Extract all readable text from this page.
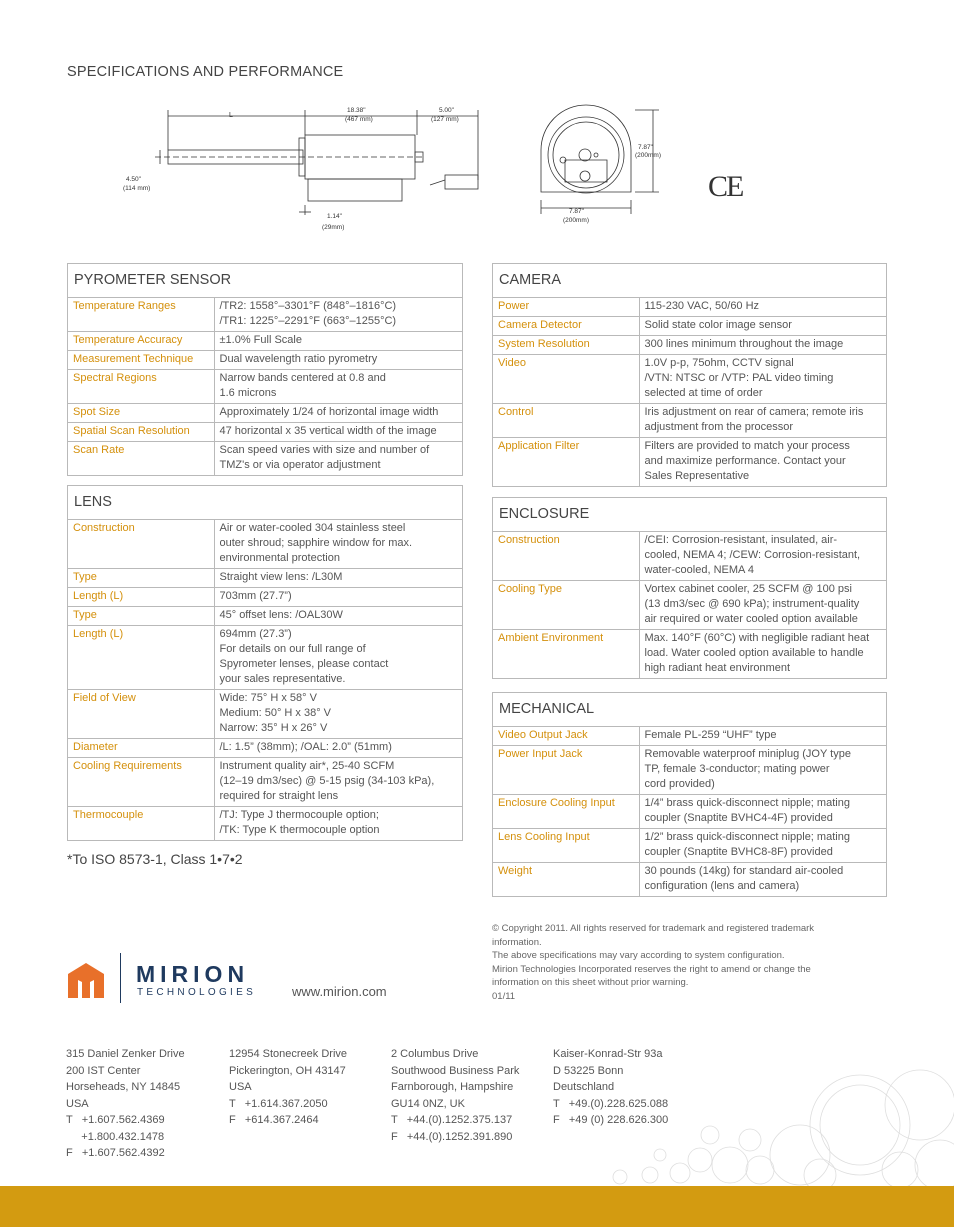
SPECIFICATIONS AND PERFORMANCE
L
18.38"
(467 mm)
5.00"
(127 mm)
4.50"
(114 mm)
1.14"
(29mm)
7.87"
(200mm)
7.87"
(200mm)
CE
PYROMETER SENSOR
Temperature Ranges	/TR2: 1558°–3301°F (848°–1816°C)
/TR1: 1225°–2291°F (663°–1255°C)
Temperature Accuracy	±1.0% Full Scale
Measurement Technique	Dual wavelength ratio pyrometry
Spectral Regions	Narrow bands centered at 0.8 and
1.6 microns
Spot Size	Approximately 1/24 of horizontal image width
Spatial Scan Resolution	47 horizontal x 35 vertical width of the image
Scan Rate	Scan speed varies with size and number of
TMZ's or via operator adjustment
LENS
Construction	Air or water-cooled 304 stainless steel
outer shroud; sapphire window for max.
environmental protection
Type	Straight view lens: /L30M
Length (L)	703mm (27.7”)
Type	45° offset lens: /OAL30W
Length (L)	694mm (27.3”)
For details on our full range of
Spyrometer lenses, please contact
your sales representative.
Field of View	Wide: 75° H x 58° V
Medium: 50° H x 38° V
Narrow: 35° H x 26° V
Diameter	/L: 1.5” (38mm); /OAL: 2.0” (51mm)
Cooling Requirements	Instrument quality air*, 25-40 SCFM
(12–19 dm3/sec) @ 5-15 psig (34-103 kPa),
required for straight lens
Thermocouple	/TJ: Type J thermocouple option;
/TK: Type K thermocouple option
*To ISO 8573-1, Class 1•7•2
CAMERA
Power	115-230 VAC, 50/60 Hz
Camera Detector	Solid state color image sensor
System Resolution	300 lines minimum throughout the image
Video	1.0V p-p, 75ohm, CCTV signal
/VTN: NTSC or /VTP: PAL video timing
selected at time of order
Control	Iris adjustment on rear of camera; remote iris
adjustment from the processor
Application Filter	Filters are provided to match your process
and maximize performance. Contact your
Sales Representative
ENCLOSURE
Construction	/CEI: Corrosion-resistant, insulated, air-
cooled, NEMA 4; /CEW: Corrosion-resistant,
water-cooled, NEMA 4
Cooling Type	Vortex cabinet cooler, 25 SCFM @ 100 psi
(13 dm3/sec @ 690 kPa); instrument-quality
air required or water cooled option available
Ambient Environment	Max. 140°F (60°C) with negligible radiant heat
load. Water cooled option available to handle
high radiant heat environment
MECHANICAL
Video Output Jack	Female PL-259 “UHF” type
Power Input Jack	Removable waterproof miniplug (JOY type
TP, female 3-conductor; mating power
cord provided)
Enclosure Cooling Input	1/4” brass quick-disconnect nipple; mating
coupler (Snaptite BVHC4-4F) provided
Lens Cooling Input	1/2” brass quick-disconnect nipple; mating
coupler (Snaptite BVHC8-8F) provided
Weight	30 pounds (14kg) for standard air-cooled
configuration (lens and camera)
© Copyright 2011. All rights reserved for trademark and registered trademark information.
The above specifications may vary according to system configuration.
Mirion Technologies Incorporated reserves the right to amend or change the information on this sheet without prior warning.
01/11
MIRION
TECHNOLOGIES	www.mirion.com
315 Daniel Zenker Drive
200 IST Center
Horseheads, NY 14845
USA
T   +1.607.562.4369
+1.800.432.1478
F   +1.607.562.4392
12954 Stonecreek Drive
Pickerington, OH 43147
USA
T   +1.614.367.2050
F   +614.367.2464
2 Columbus Drive
Southwood Business Park
Farnborough, Hampshire
GU14 0NZ, UK
T   +44.(0).1252.375.137
F   +44.(0).1252.391.890
Kaiser-Konrad-Str 93a
D 53225 Bonn
Deutschland
T   +49.(0).228.625.088
F   +49 (0) 228.626.300
